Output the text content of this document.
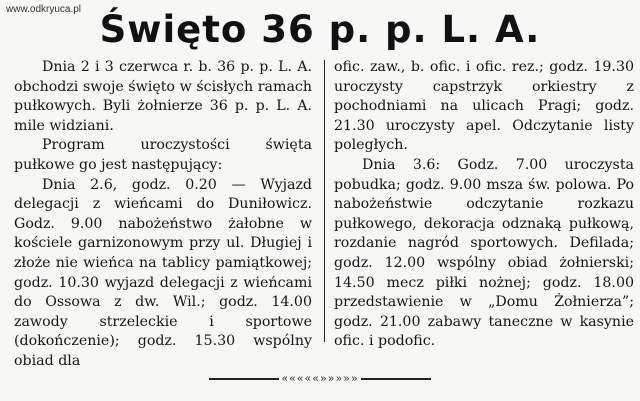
www.odkryuca.pl Święto 36 p. p. L. A.

Dnia 2 i 3 czerwca r. b. 36 p. p. L. A. obchodzi swoje święto w ścisłych ramach pułkowych. Byli żołnierze 36 p. p. L. A. mile widziani.

Program uroczystości święta pułkowe go jest następujący:

Dnia 2.6, godz. 0.20 — Wyjazd delegacji z wieńcami do Duniłowicz. Godz. 9.00 nabożeństwo żałobne w kościele garnizonowym przy ul. Długiej i złoże nie wieńca na tablicy pamiątkowej; godz. 10.30 wyjazd delegacji z wieńcami do Ossowa z dw. Wil.; godz. 14.00 zawody strzeleckie i sportowe (dokończenie); godz. 15.30 wspólny obiad dla

ofic. zaw., b. ofic. i ofic. rez.; godz. 19.30 uroczysty capstrzyk orkiestry z pochodniami na ulicach Pragi; godz. 21.30 uroczysty apel. Odczytanie listy poległych.

Dnia 3.6: Godz. 7.00 uroczysta pobudka; godz. 9.00 msza św. polowa. Po nabożeństwie odczytanie rozkazu pułkowego, dekoracja odznaką pułkową, rozdanie nagród sportowych. Defilada; godz. 12.00 wspólny obiad żołnierski; 14.50 mecz piłki nożnej; godz. 18.00 przedstawienie w „Domu Żołnierza”; godz. 21.00 zabawy taneczne w kasynie ofic. i podofic.

«««««»»»»»
